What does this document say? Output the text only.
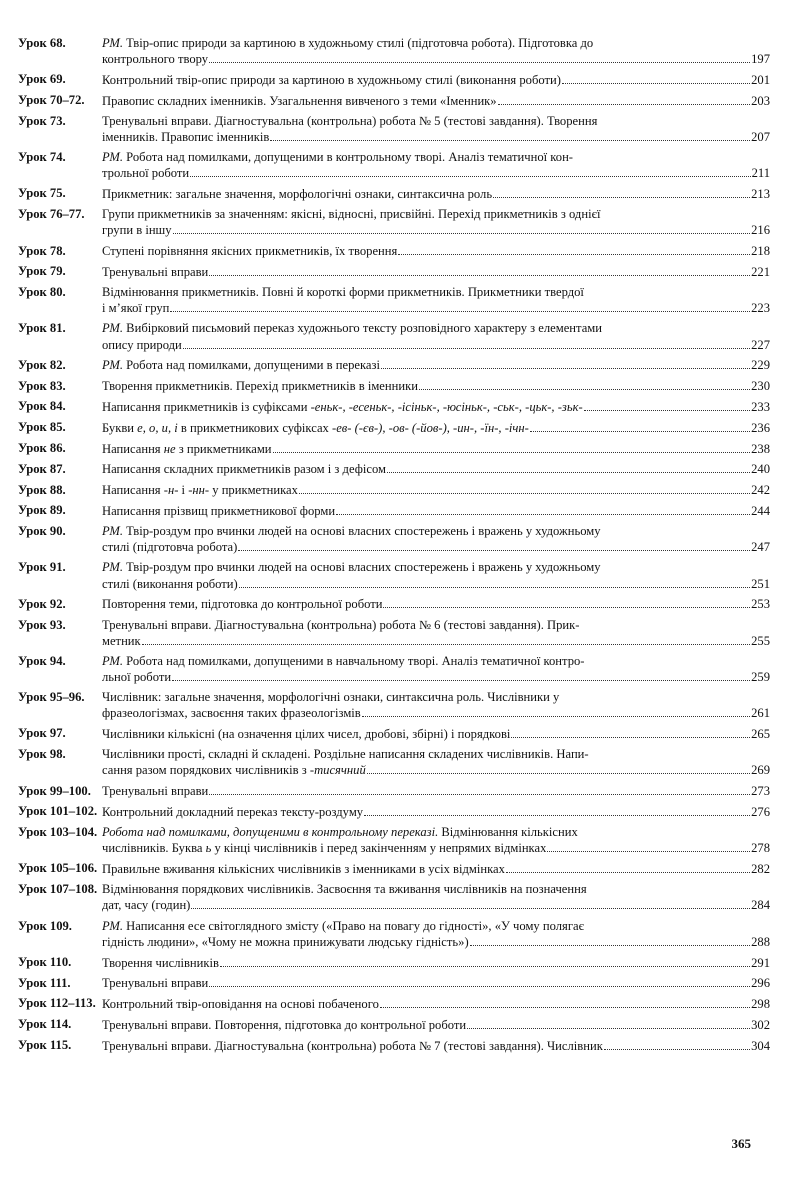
Урок 68.	РМ. Твір-опис природи за картиною в художньому стилі (підготовча робота). Підготовка до
контрольного твору	197
Урок 69.	Контрольний твір-опис природи за картиною в художньому стилі (виконання роботи)	201
Урок 70–72.	Правопис складних іменників. Узагальнення вивченого з теми «Іменник»	203
Урок 73.	Тренувальні вправи. Діагностувальна (контрольна) робота № 5 (тестові завдання). Творення
іменників. Правопис іменників	207
Урок 74.	РМ. Робота над помилками, допущеними в контрольному творі. Аналіз тематичної кон-
трольної роботи	211
Урок 75.	Прикметник: загальне значення, морфологічні ознаки, синтаксична роль	213
Урок 76–77.	Групи прикметників за значенням: якісні, відносні, присвійні. Перехід прикметників з однієї
групи в іншу	216
Урок 78.	Ступені порівняння якісних прикметників, їх творення	218
Урок 79.	Тренувальні вправи	221
Урок 80.	Відмінювання прикметників. Повні й короткі форми прикметників. Прикметники твердої
і м’якої груп	223
Урок 81.	РМ. Вибірковий письмовий переказ художнього тексту розповідного характеру з елементами
опису природи	227
Урок 82.	РМ. Робота над помилками, допущеними в переказі	229
Урок 83.	Творення прикметників. Перехід прикметників в іменники	230
Урок 84.	Написання прикметників із суфіксами -еньк-, -есеньк-, -ісіньк-, -юсіньк-, -ськ-, -цьк-, -зьк-	233
Урок 85.	Букви е, о, и, і в прикметникових суфіксах -ев- (-єв-), -ов- (-йов-), -ин-, -їн-, -ічн-	236
Урок 86.	Написання не з прикметниками	238
Урок 87.	Написання складних прикметників разом і з дефісом	240
Урок 88.	Написання -н- і -нн- у прикметниках	242
Урок 89.	Написання прізвищ прикметникової форми	244
Урок 90.	РМ. Твір-роздум про вчинки людей на основі власних спостережень і вражень у художньому
стилі (підготовча робота)	247
Урок 91.	РМ. Твір-роздум про вчинки людей на основі власних спостережень і вражень у художньому
стилі (виконання роботи)	251
Урок 92.	Повторення теми, підготовка до контрольної роботи	253
Урок 93.	Тренувальні вправи. Діагностувальна (контрольна) робота № 6 (тестові завдання). Прик-
метник	255
Урок 94.	РМ. Робота над помилками, допущеними в навчальному творі. Аналіз тематичної контро-
льної роботи	259
Урок 95–96.	Числівник: загальне значення, морфологічні ознаки, синтаксична роль. Числівники у
фразеологізмах, засвоєння таких фразеологізмів	261
Урок 97.	Числівники кількісні (на означення цілих чисел, дробові, збірні) і порядкові	265
Урок 98.	Числівники прості, складні й складені. Роздільне написання складених числівників. Напи-
сання разом порядкових числівників з -тисячний	269
Урок 99–100. Тренувальні вправи	273
Урок 101–102. Контрольний докладний переказ тексту-роздуму	276
Урок 103–104. Робота над помилками, допущеними в контрольному переказі. Відмінювання кількісних
числівників. Буква ь у кінці числівників і перед закінченням у непрямих відмінках	278
Урок 105–106. Правильне вживання кількісних числівників з іменниками в усіх відмінках	282
Урок 107–108. Відмінювання порядкових числівників. Засвоєння та вживання числівників на позначення
дат, часу (годин)	284
Урок 109.	РМ. Написання есе світоглядного змісту («Право на повагу до гідності», «У чому полягає
гідність людини», «Чому не можна принижувати людську гідність»)	288
Урок 110.	Творення числівників	291
Урок 111.	Тренувальні вправи	296
Урок 112–113. Контрольний твір-оповідання на основі побаченого	298
Урок 114.	Тренувальні вправи. Повторення, підготовка до контрольної роботи	302
Урок 115.	Тренувальні вправи. Діагностувальна (контрольна) робота № 7 (тестові завдання). Числівник	304
365
